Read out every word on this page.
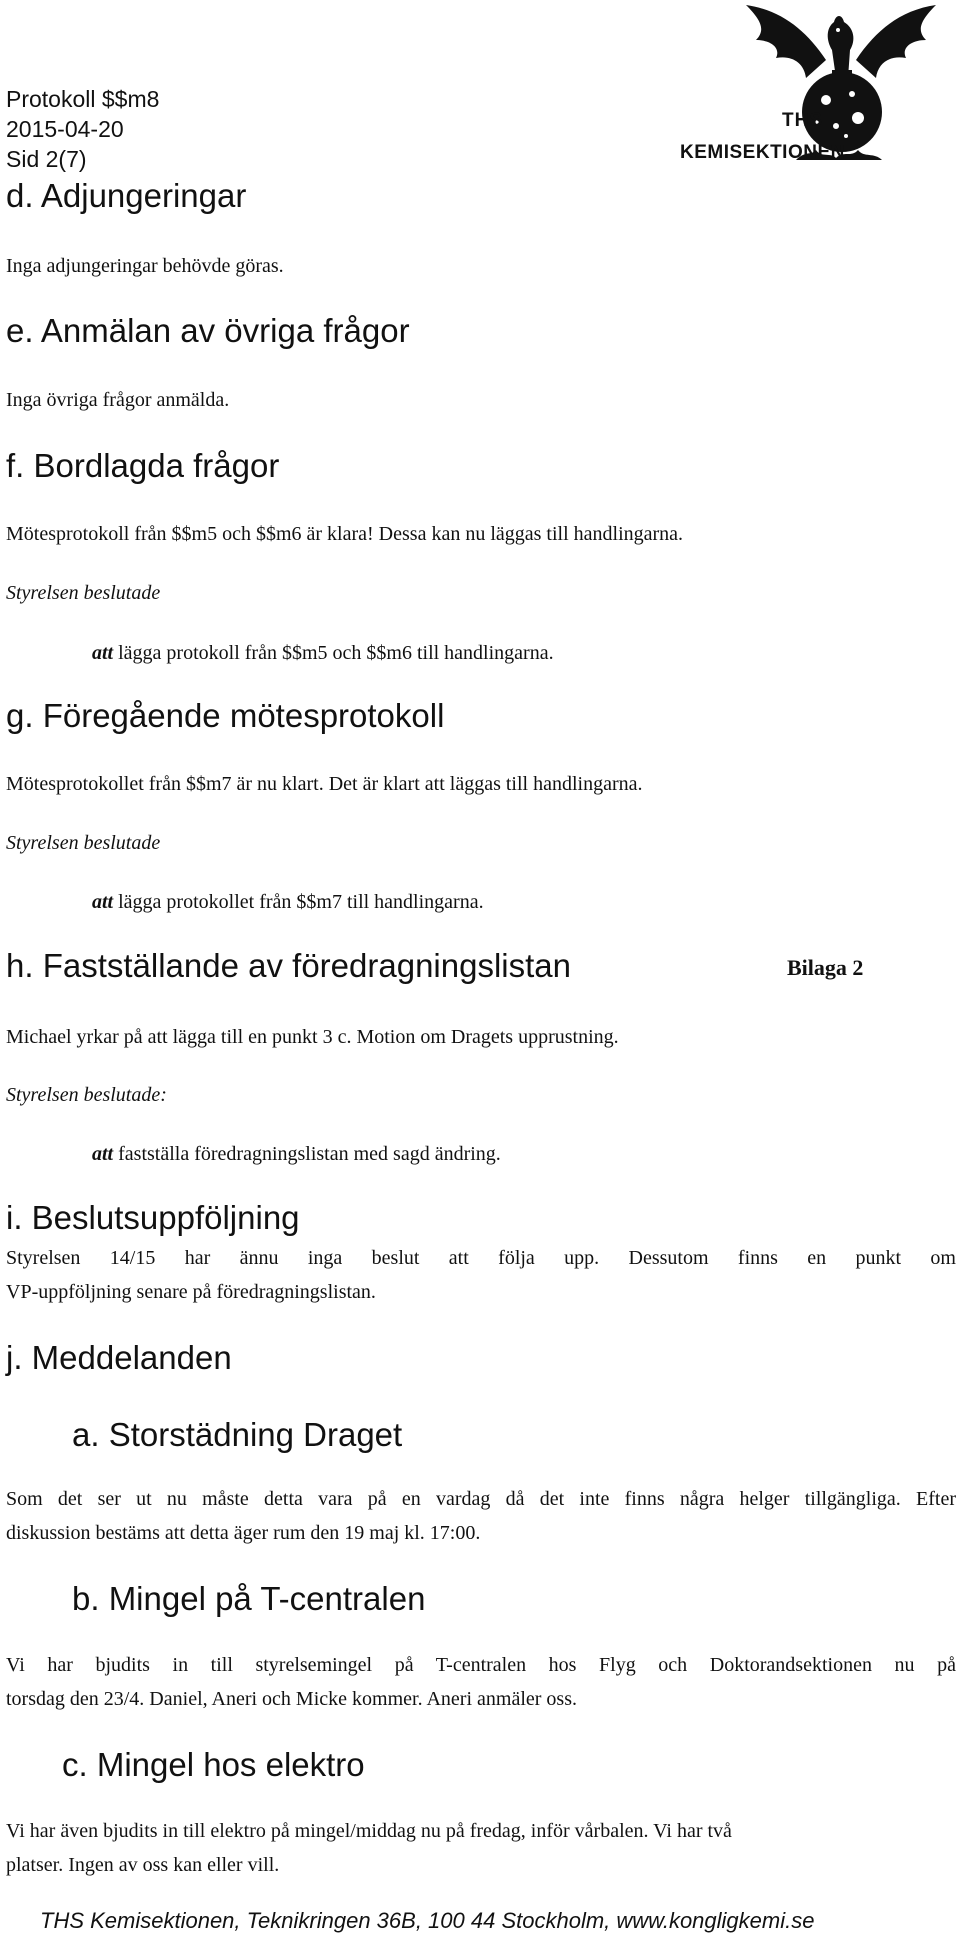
Protokoll $$m8
2015-04-20
Sid 2(7)
THS
KEMISEKTIONEN
d. Adjungeringar
Inga adjungeringar behövde göras.
e. Anmälan av övriga frågor
Inga övriga frågor anmälda.
f. Bordlagda frågor
Mötesprotokoll från $$m5 och $$m6 är klara! Dessa kan nu läggas till handlingarna.
Styrelsen beslutade
att lägga protokoll från $$m5 och $$m6 till handlingarna.
g. Föregående mötesprotokoll
Mötesprotokollet från $$m7 är nu klart. Det är klart att läggas till handlingarna.
Styrelsen beslutade
att lägga protokollet från $$m7 till handlingarna.
h. Fastställande av föredragningslistan	Bilaga 2
Michael yrkar på att lägga till en punkt 3 c. Motion om Dragets upprustning.
Styrelsen beslutade:
att fastställa föredragningslistan med sagd ändring.
i. Beslutsuppföljning
Styrelsen 14/15 har ännu inga beslut att följa upp. Dessutom finns en punkt om
VP-uppföljning senare på föredragningslistan.
j. Meddelanden
a. Storstädning Draget
Som det ser ut nu måste detta vara på en vardag då det inte finns några helger tillgängliga. Efter
diskussion bestäms att detta äger rum den 19 maj kl. 17:00.
b. Mingel på T-centralen
Vi har bjudits in till styrelsemingel på T-centralen hos Flyg och Doktorandsektionen nu på
torsdag den 23/4. Daniel, Aneri och Micke kommer. Aneri anmäler oss.
c. Mingel hos elektro
Vi har även bjudits in till elektro på mingel/middag nu på fredag, inför vårbalen. Vi har två
platser. Ingen av oss kan eller vill.
THS Kemisektionen, Teknikringen 36B, 100 44 Stockholm, www.kongligkemi.se
